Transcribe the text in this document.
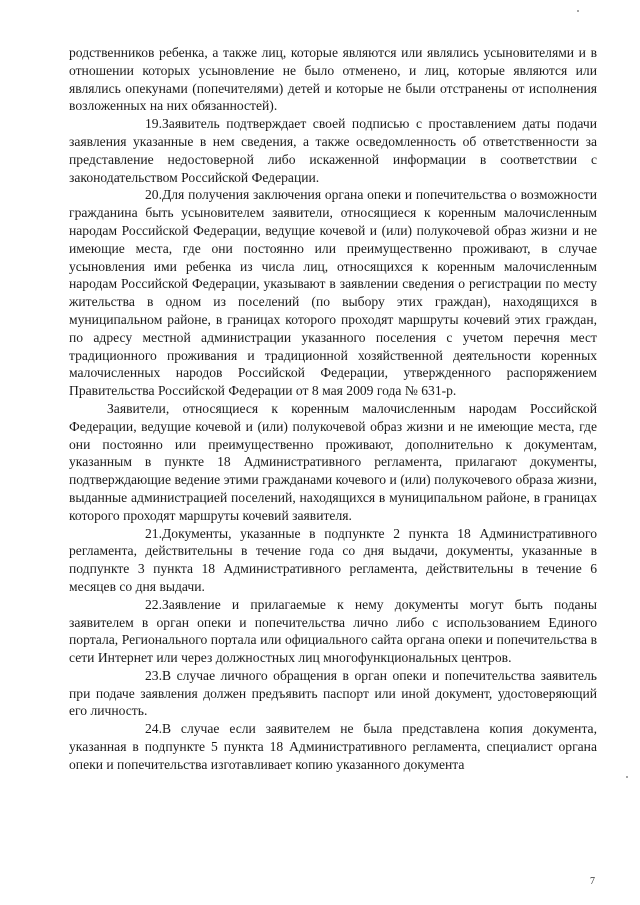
родственников ребенка, а также лиц, которые являются или являлись усыновителями и в отношении которых усыновление не было отменено, и лиц, которые являются или являлись опекунами (попечителями) детей и которые не были отстранены от исполнения возложенных на них обязанностей).

19.Заявитель подтверждает своей подписью с проставлением даты подачи заявления указанные в нем сведения, а также осведомленность об ответственности за представление недостоверной либо искаженной информации в соответствии с законодательством Российской Федерации.

20.Для получения заключения органа опеки и попечительства о возможности гражданина быть усыновителем заявители, относящиеся к коренным малочисленным народам Российской Федерации, ведущие кочевой и (или) полукочевой образ жизни и не имеющие места, где они постоянно или преимущественно проживают, в случае усыновления ими ребенка из числа лиц, относящихся к коренным малочисленным народам Российской Федерации, указывают в заявлении сведения о регистрации по месту жительства в одном из поселений (по выбору этих граждан), находящихся в муниципальном районе, в границах которого проходят маршруты кочевий этих граждан, по адресу местной администрации указанного поселения с учетом перечня мест традиционного проживания и традиционной хозяйственной деятельности коренных малочисленных народов Российской Федерации, утвержденного распоряжением Правительства Российской Федерации от 8 мая 2009 года № 631-р.

Заявители, относящиеся к коренным малочисленным народам Российской Федерации, ведущие кочевой и (или) полукочевой образ жизни и не имеющие места, где они постоянно или преимущественно проживают, дополнительно к документам, указанным в пункте 18 Административного регламента, прилагают документы, подтверждающие ведение этими гражданами кочевого и (или) полукочевого образа жизни, выданные администрацией поселений, находящихся в муниципальном районе, в границах которого проходят маршруты кочевий заявителя.

21.Документы, указанные в подпункте 2 пункта 18 Административного регламента, действительны в течение года со дня выдачи, документы, указанные в подпункте 3 пункта 18 Административного регламента, действительны в течение 6 месяцев со дня выдачи.

22.Заявление и прилагаемые к нему документы могут быть поданы заявителем в орган опеки и попечительства лично либо с использованием Единого портала, Регионального портала или официального сайта органа опеки и попечительства в сети Интернет или через должностных лиц многофункциональных центров.

23.В случае личного обращения в орган опеки и попечительства заявитель при подаче заявления должен предъявить паспорт или иной документ, удостоверяющий его личность.

24.В случае если заявителем не была представлена копия документа, указанная в подпункте 5 пункта 18 Административного регламента, специалист органа опеки и попечительства изготавливает копию указанного документа

7
